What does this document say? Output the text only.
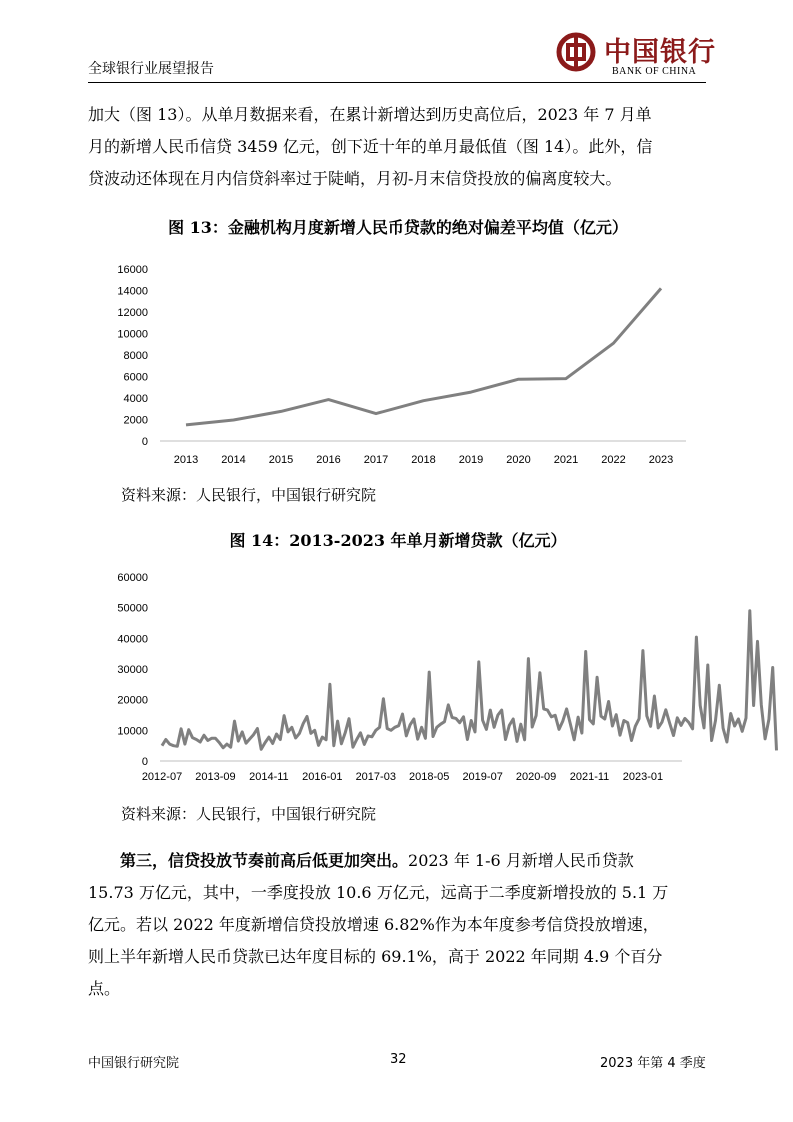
全球银行业展望报告
中国银行
BANK OF CHINA
加大（图 13）。从单月数据来看，在累计新增达到历史高位后，2023 年 7 月单
月的新增人民币信贷 3459 亿元，创下近十年的单月最低值（图 14）。此外，信
贷波动还体现在月内信贷斜率过于陡峭，月初-月末信贷投放的偏离度较大。
图 13：金融机构月度新增人民币贷款的绝对偏差平均值（亿元）
0
2000
4000
6000
8000
10000
12000
14000
16000
2013 2014 2015 2016 2017 2018 2019 2020 2021 2022 2023
资料来源：人民银行，中国银行研究院
图 14：2013-2023 年单月新增贷款（亿元）
0
10000
20000
30000
40000
50000
60000
2012-07 2013-09 2014-11 2016-01 2017-03 2018-05 2019-07 2020-09 2021-11 2023-01
资料来源：人民银行，中国银行研究院
第三，信贷投放节奏前高后低更加突出。2023 年 1-6 月新增人民币贷款
15.73 万亿元，其中，一季度投放 10.6 万亿元，远高于二季度新增投放的 5.1 万
亿元。若以 2022 年度新增信贷投放增速 6.82%作为本年度参考信贷投放增速，
则上半年新增人民币贷款已达年度目标的 69.1%，高于 2022 年同期 4.9 个百分
点。
中国银行研究院	32	2023 年第 4 季度
